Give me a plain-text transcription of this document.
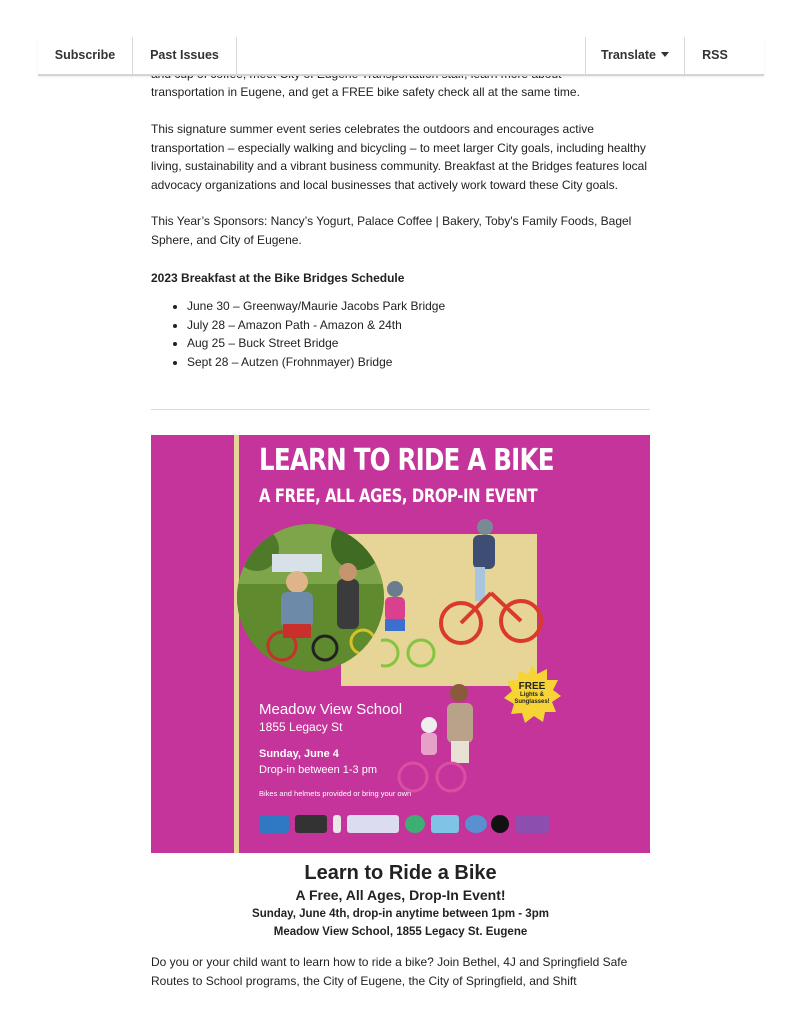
Subscribe	Past Issues	Translate	RSS

transportation in Eugene, and get a FREE bike safety check all at the same time.

This signature summer event series celebrates the outdoors and encourages active transportation – especially walking and bicycling – to meet larger City goals, including healthy living, sustainability and a vibrant business community. Breakfast at the Bridges features local advocacy organizations and local businesses that actively work toward these City goals.

This Year’s Sponsors: Nancy’s Yogurt, Palace Coffee | Bakery, Toby's Family Foods, Bagel Sphere, and City of Eugene.

2023 Breakfast at the Bike Bridges Schedule
• June 30 – Greenway/Maurie Jacobs Park Bridge
• July 28 – Amazon Path - Amazon & 24th
• Aug 25 – Buck Street Bridge
• Sept 28 – Autzen (Frohnmayer) Bridge
LEARN TO RIDE A BIKE
A FREE, ALL AGES, DROP-IN EVENT
FREE
Lights &
Sunglasses!
Meadow View School
1855 Legacy St
Sunday, June 4
Drop-in between 1-3 pm
Bikes and helmets provided or bring your own
Learn to Ride a Bike
A Free, All Ages, Drop-In Event!
Sunday, June 4th, drop-in anytime between 1pm - 3pm
Meadow View School, 1855 Legacy St. Eugene

Do you or your child want to learn how to ride a bike? Join Bethel, 4J and Springfield Safe Routes to School programs, the City of Eugene, the City of Springfield, and Shift
